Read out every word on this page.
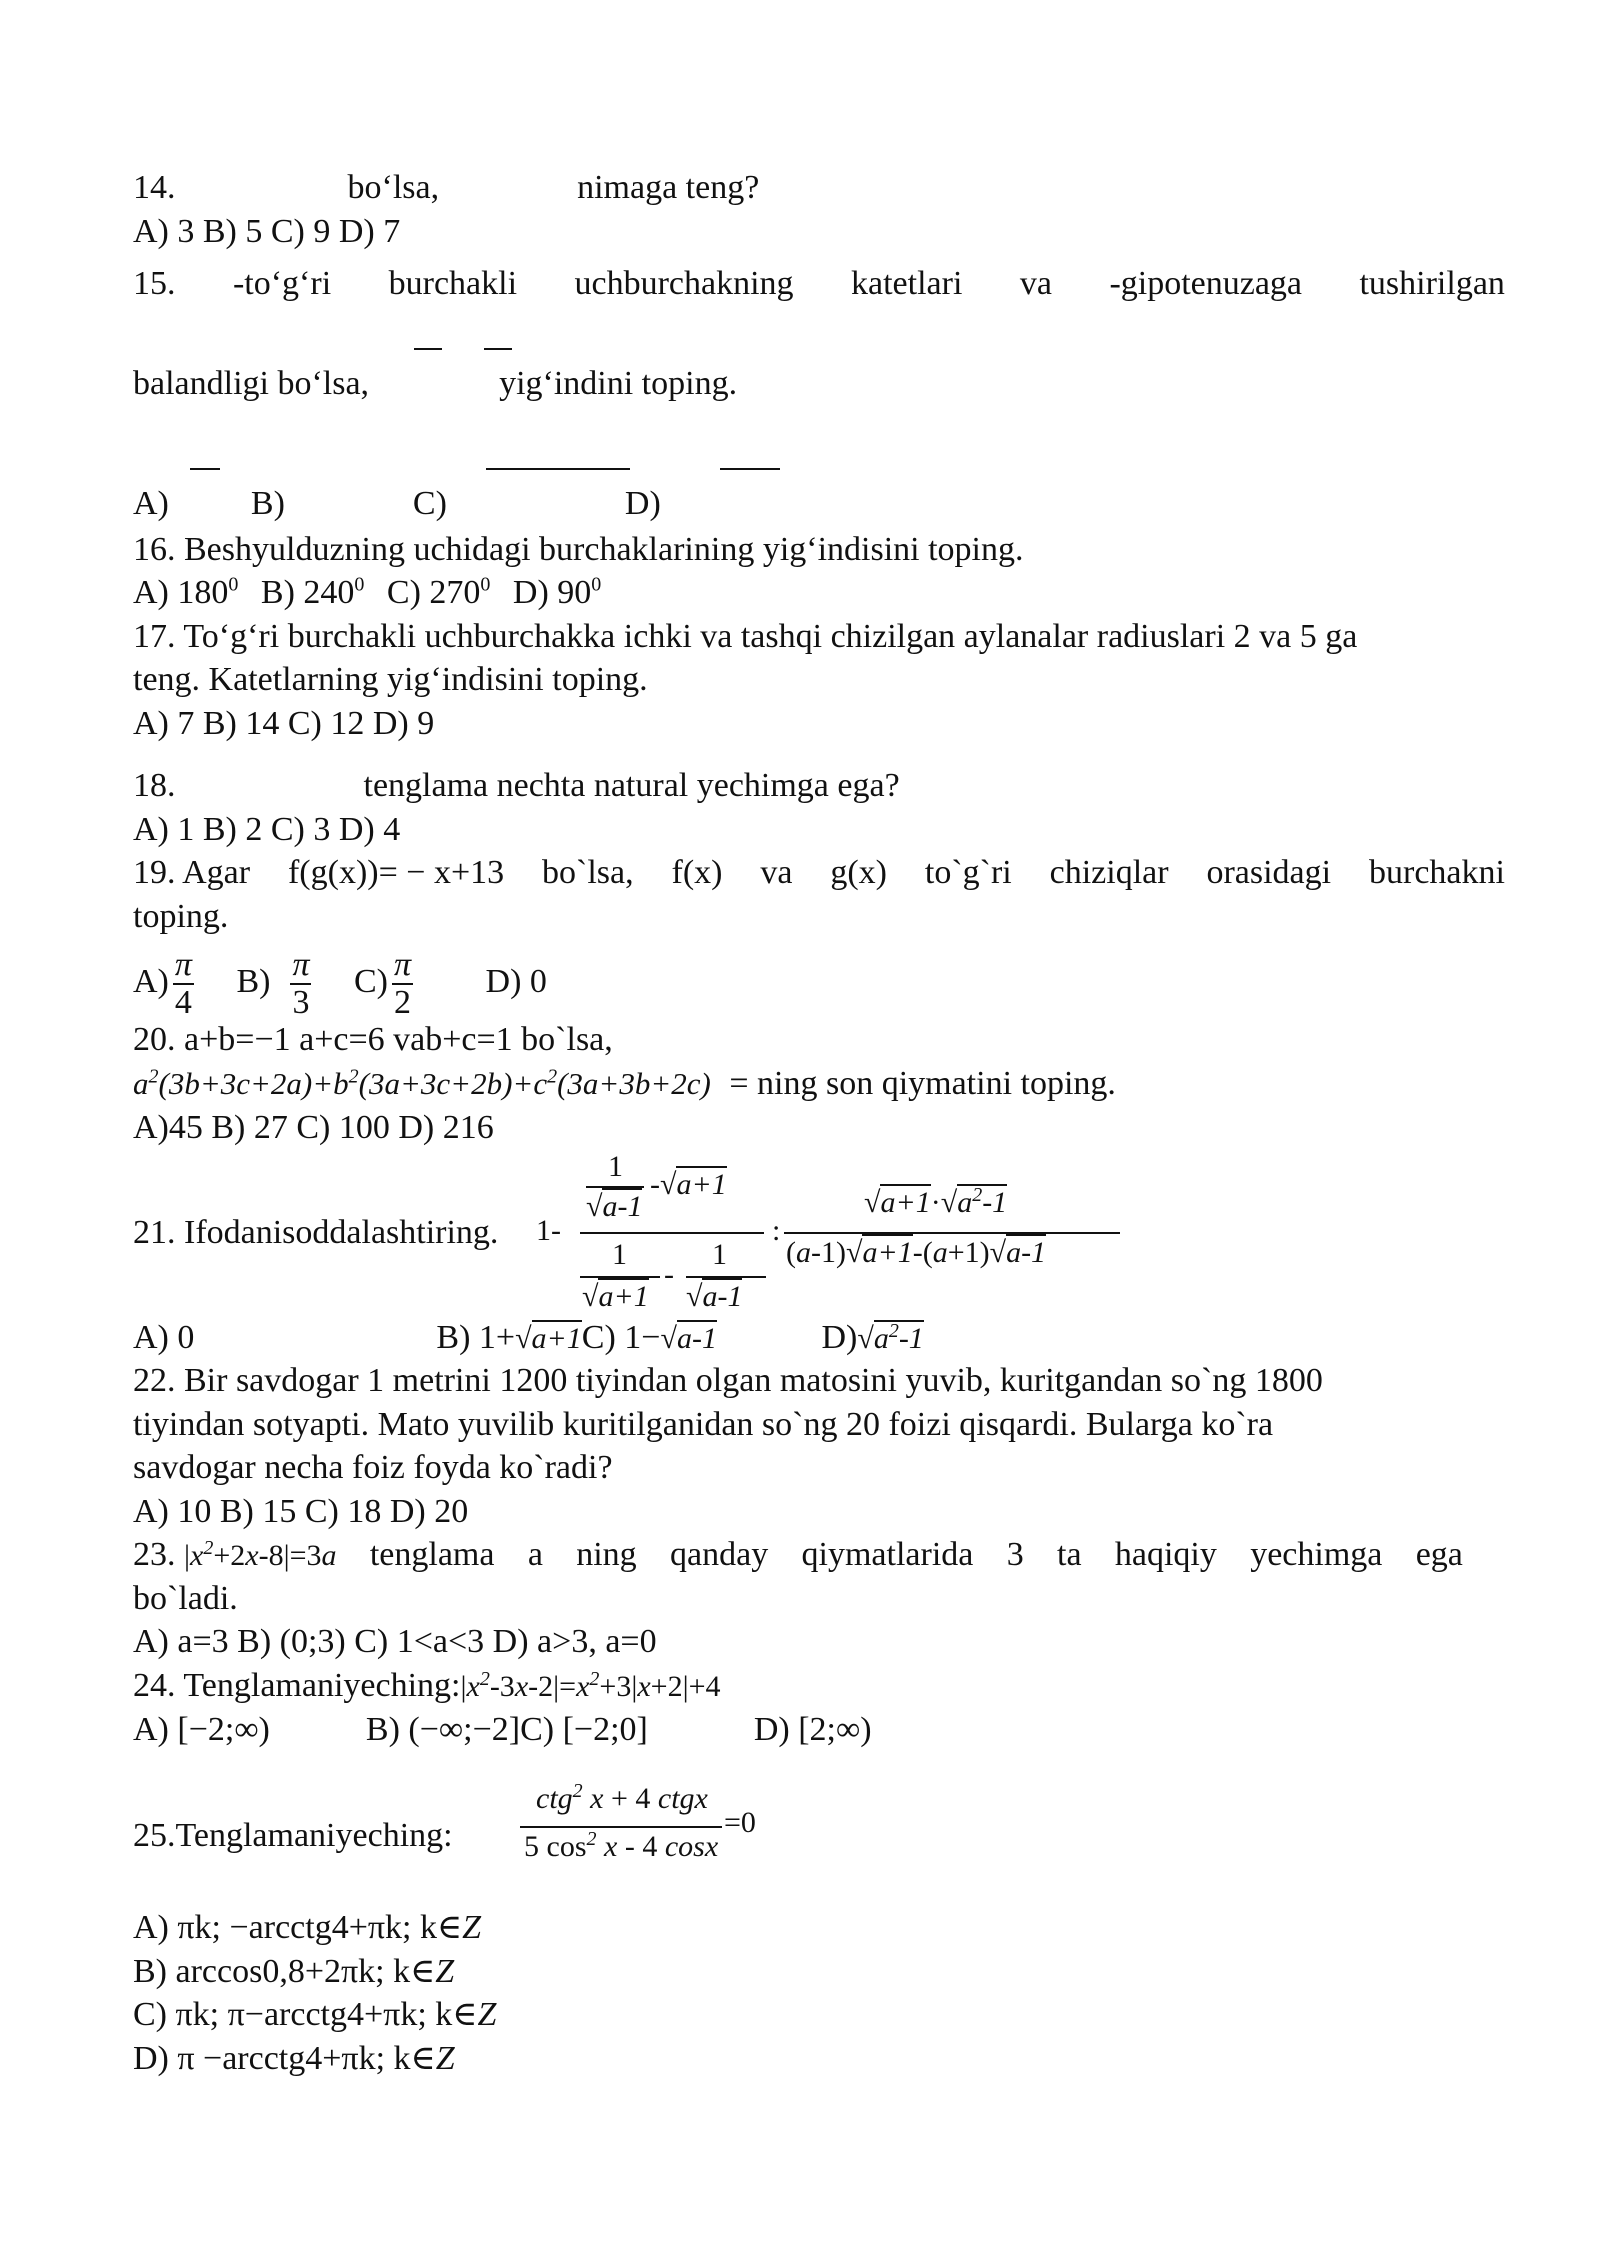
14.	bo‘lsa,	nimaga teng?
A) 3 B) 5 C) 9 D) 7
15. -to‘g‘ri burchakli uchburchakning katetlari va -gipotenuzaga tushirilgan
balandligi bo‘lsa,	yig‘indini toping.
A) B)	C)	D)
16. Beshyulduzning uchidagi burchaklarining yig‘indisini toping.
A) $180^0$ B) $240^0$ C) $270^0$ D) $90^0$
17. To‘g‘ri burchakli uchburchakka ichki va tashqi chizilgan aylanalar radiuslari 2 va 5 ga
teng. Katetlarning yig‘indisini toping.
A) 7 B) 14 C) 12 D) 9
18.	tenglama nechta natural yechimga ega?
A) 1 B) 2 C) 3 D) 4
19. Agar f(g(x))= − x+13 bo`lsa, f(x) va g(x) to`g`ri chiziqlar orasidagi burchakni
toping.
$A) \frac{\pi}{4} B) \frac{\pi}{3} C) \frac{\pi}{2} D$) 0
20. a+b=−1 a+c=6 vab+c=1 bo`lsa,
$a^2(3b+3c+2a)+b^2(3a+3c+2b)+c^2(3a+3b+2c)$ = ning son qiymatini toping.
A)45 B) 27 C) 100 D) 216
21. Ifodanisoddalashtiring. 1-
1
√a-1
-√a+1
1
√a+1
-
1
√a-1
:
$√a+1\cdot√a^2-1$
(a-1)√a+1-(a+1)√a-1
A) 0	B) 1+√a+1C) 1−√a-1	$D)√a^2-1$
22. Bir savdogar 1 metrini 1200 tiyindan olgan matosini yuvib, kuritgandan so`ng 1800
tiyindan sotyapti. Mato yuvilib kuritilganidan so`ng 20 foizi qisqardi. Bulargа ko`ra
savdogar necha foiz foyda ko`radi?
A) 10 B) 15 C) 18 D) 20
23. $|x^2+2x-8|=3a$ tenglama a ning qanday qiymatlarida 3 ta haqiqiy yechimga ega
bo`ladi.
A) a=3 B) (0;3) C) 1<a<3 D) a>3, a=0
24. $Tenglamaniyeching:|x^2-3x-2|=x^2+3|x+2|+4$
A) [−2;∞)	B) (−∞;−2]C) [−2;0]	D) [2;∞)
25.Tenglamaniyeching:
ctg$^2$ x + 4 ctgx
5 $\cos^2 x - 4$ cosx
=0
A) πk; −arcctg4+πk; k∈Z
B) arccos0,8+2πk; k∈Z
C) πk; π−arcctg4+πk; k∈Z
D) π −arcctg4+πk; k∈Z
